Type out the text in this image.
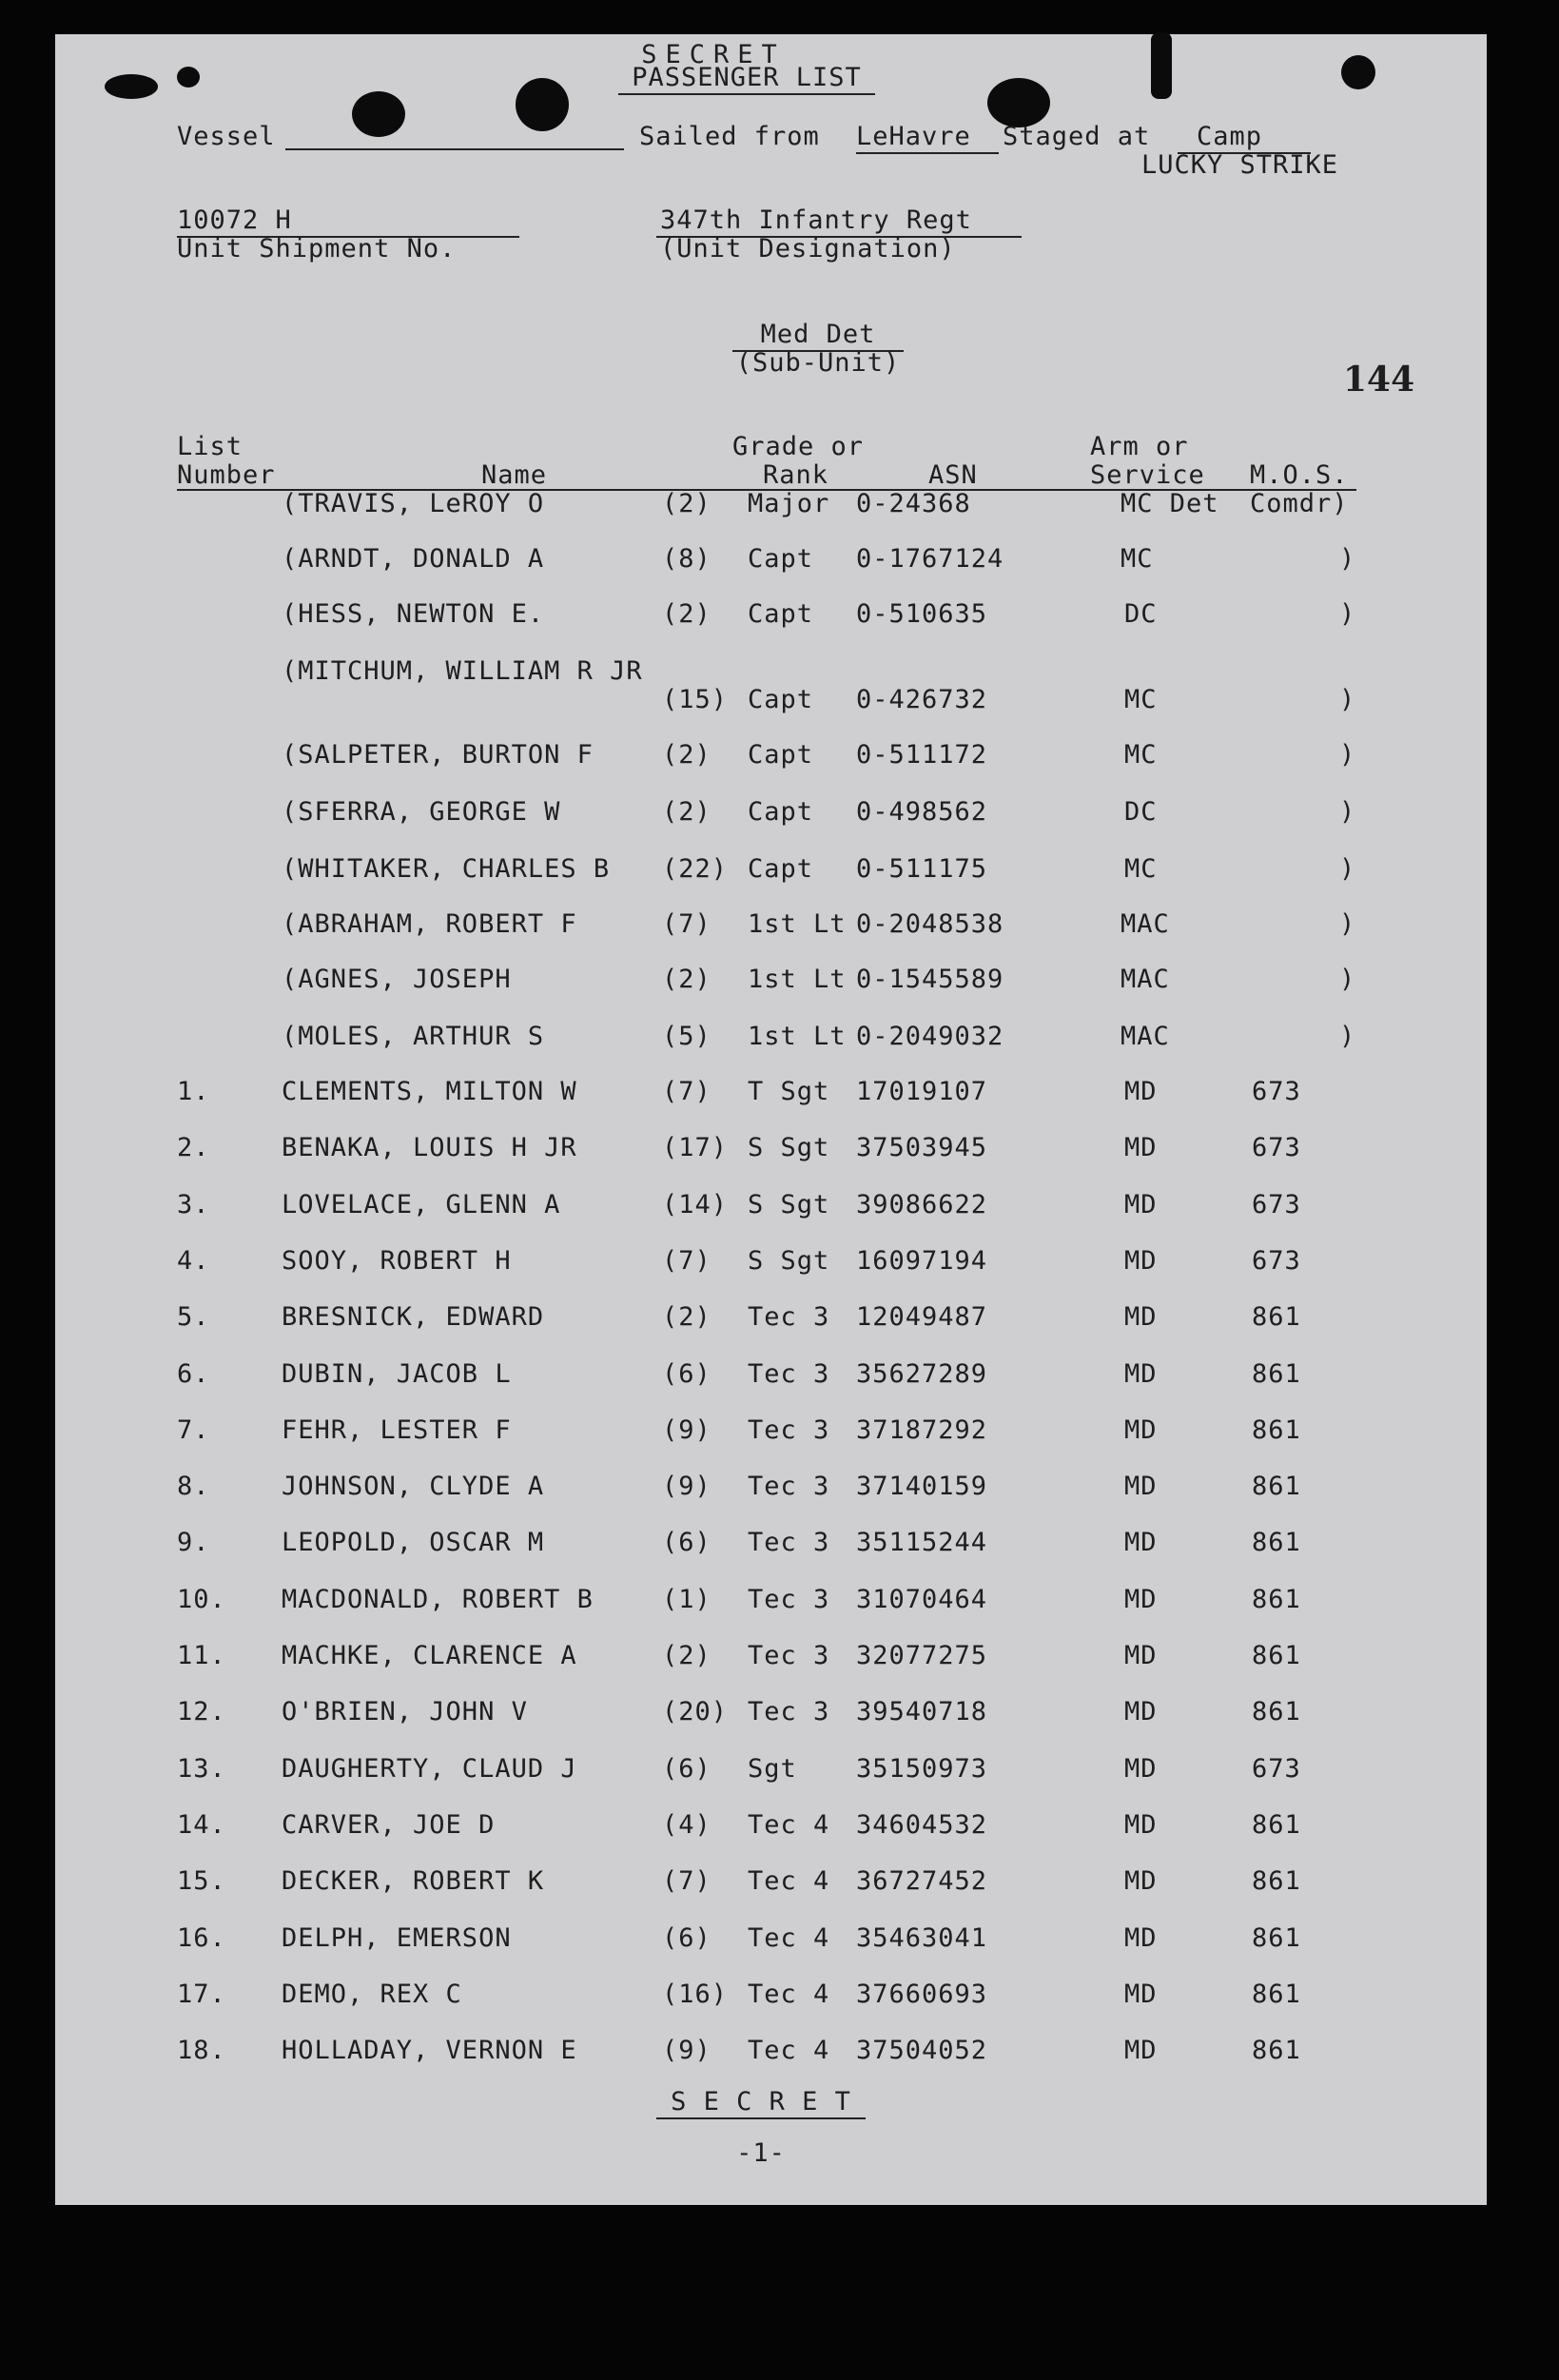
SECRET
PASSENGER LIST
Vessel	Sailed from LeHavre	Staged at	Camp
LUCKY STRIKE
10072 H
Unit Shipment No.
347th Infantry Regt
(Unit Designation)
Med Det
(Sub-Unit)	144
List
Number	Name
Grade or
Rank	ASN
Arm or
Service M.O.S.
(TRAVIS, LeROY O	(2) Major 0-24368	MC Det	Comdr)
(ARNDT, DONALD A	(8) Capt 0-1767124	MC	)
(HESS, NEWTON E.	(2) Capt 0-510635	DC	)
(MITCHUM, WILLIAM R JR
(15) Capt 0-426732	MC	)
(SALPETER, BURTON F	(2) Capt 0-511172	MC	)
(SFERRA, GEORGE W	(2) Capt 0-498562	DC	)
(WHITAKER, CHARLES B (22) Capt 0-511175	MC	)
(ABRAHAM, ROBERT F	(7) 1st Lt 0-2048538	MAC	)
(AGNES, JOSEPH	(2) 1st Lt 0-1545589	MAC	)
(MOLES, ARTHUR S	(5) 1st Lt 0-2049032	MAC	)
1.	CLEMENTS, MILTON W	(7) T Sgt 17019107	MD	673
2.	BENAKA, LOUIS H JR	(17) S Sgt 37503945	MD	673
3.	LOVELACE, GLENN A	(14) S Sgt 39086622	MD	673
4.	SOOY, ROBERT H	(7) S Sgt 16097194	MD	673
5.	BRESNICK, EDWARD	(2) Tec 3 12049487	MD	861
6.	DUBIN, JACOB L	(6) Tec 3 35627289	MD	861
7.	FEHR, LESTER F	(9) Tec 3 37187292	MD	861
8.	JOHNSON, CLYDE A	(9) Tec 3 37140159	MD	861
9.	LEOPOLD, OSCAR M	(6) Tec 3 35115244	MD	861
10. MACDONALD, ROBERT B	(1) Tec 3 31070464	MD	861
11. MACHKE, CLARENCE A	(2) Tec 3 32077275	MD	861
12. O'BRIEN, JOHN V	(20) Tec 3 39540718	MD	861
13. DAUGHERTY, CLAUD J	(6) Sgt 35150973	MD	673
14. CARVER, JOE D	(4) Tec 4 34604532	MD	861
15. DECKER, ROBERT K	(7) Tec 4 36727452	MD	861
16. DELPH, EMERSON	(6) Tec 4 35463041	MD	861
17. DEMO, REX C	(16) Tec 4 37660693	MD	861
18. HOLLADAY, VERNON E	(9) Tec 4 37504052	MD	861
S E C R E T
-1-
